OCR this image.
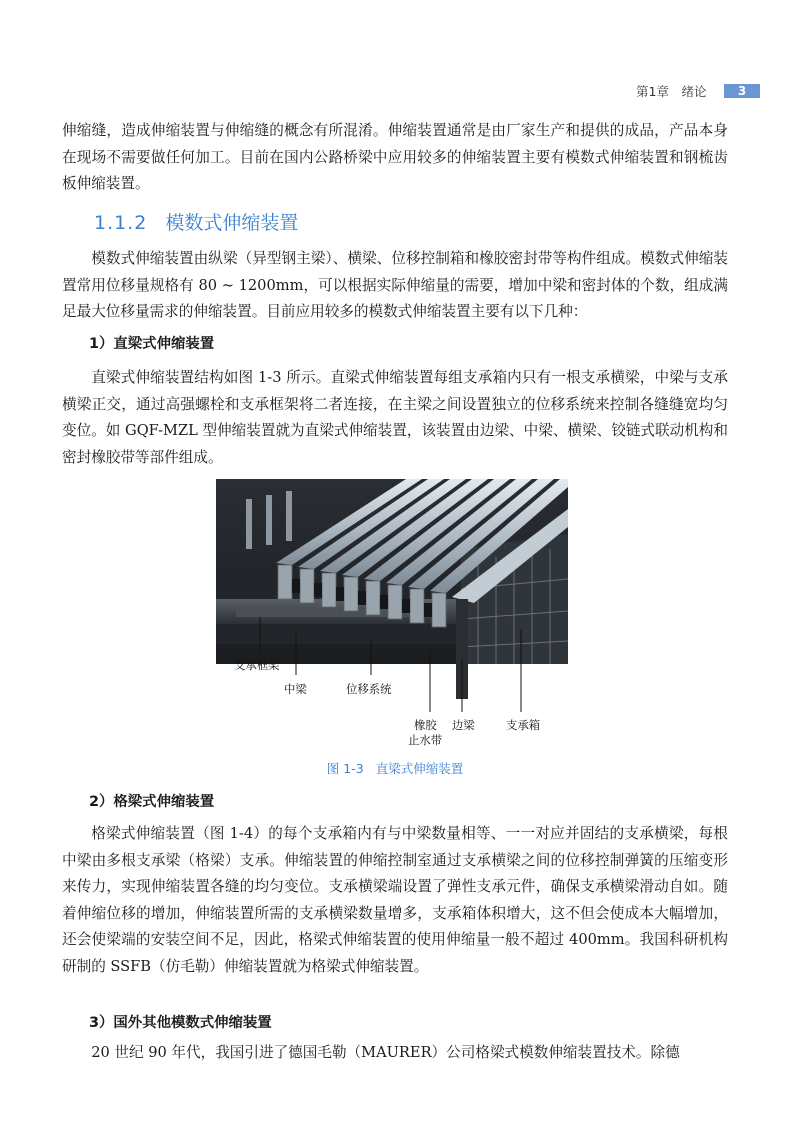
第1章　绪论	3
伸缩缝，造成伸缩装置与伸缩缝的概念有所混淆。伸缩装置通常是由厂家生产和提供的成品，产品本身在现场不需要做任何加工。目前在国内公路桥梁中应用较多的伸缩装置主要有模数式伸缩装置和钢梳齿板伸缩装置。
1.1.2 模数式伸缩装置
模数式伸缩装置由纵梁（异型钢主梁）、横梁、位移控制箱和橡胶密封带等构件组成。模数式伸缩装置常用位移量规格有 80 ~ 1200mm，可以根据实际伸缩量的需要，增加中梁和密封体的个数，组成满足最大位移量需求的伸缩装置。目前应用较多的模数式伸缩装置主要有以下几种：
1）直梁式伸缩装置
直梁式伸缩装置结构如图 1-3 所示。直梁式伸缩装置每组支承箱内只有一根支承横梁，中梁与支承横梁正交，通过高强螺栓和支承框架将二者连接，在主梁之间设置独立的位移系统来控制各缝缝宽均匀变位。如 GQF-MZL 型伸缩装置就为直梁式伸缩装置，该装置由边梁、中梁、横梁、铰链式联动机构和密封橡胶带等部件组成。
支承框架
中梁	位移系统
橡胶
止水带
边梁	支承箱
图 1-3 直梁式伸缩装置
2）格梁式伸缩装置
格梁式伸缩装置（图 1-4）的每个支承箱内有与中梁数量相等、一一对应并固结的支承横梁，每根中梁由多根支承梁（格梁）支承。伸缩装置的伸缩控制室通过支承横梁之间的位移控制弹簧的压缩变形来传力，实现伸缩装置各缝的均匀变位。支承横梁端设置了弹性支承元件，确保支承横梁滑动自如。随着伸缩位移的增加，伸缩装置所需的支承横梁数量增多，支承箱体积增大，这不但会使成本大幅增加，还会使梁端的安装空间不足，因此，格梁式伸缩装置的使用伸缩量一般不超过 400mm。我国科研机构研制的 SSFB（仿毛勒）伸缩装置就为格梁式伸缩装置。
3）国外其他模数式伸缩装置
20 世纪 90 年代，我国引进了德国毛勒（MAURER）公司格梁式模数伸缩装置技术。除德
